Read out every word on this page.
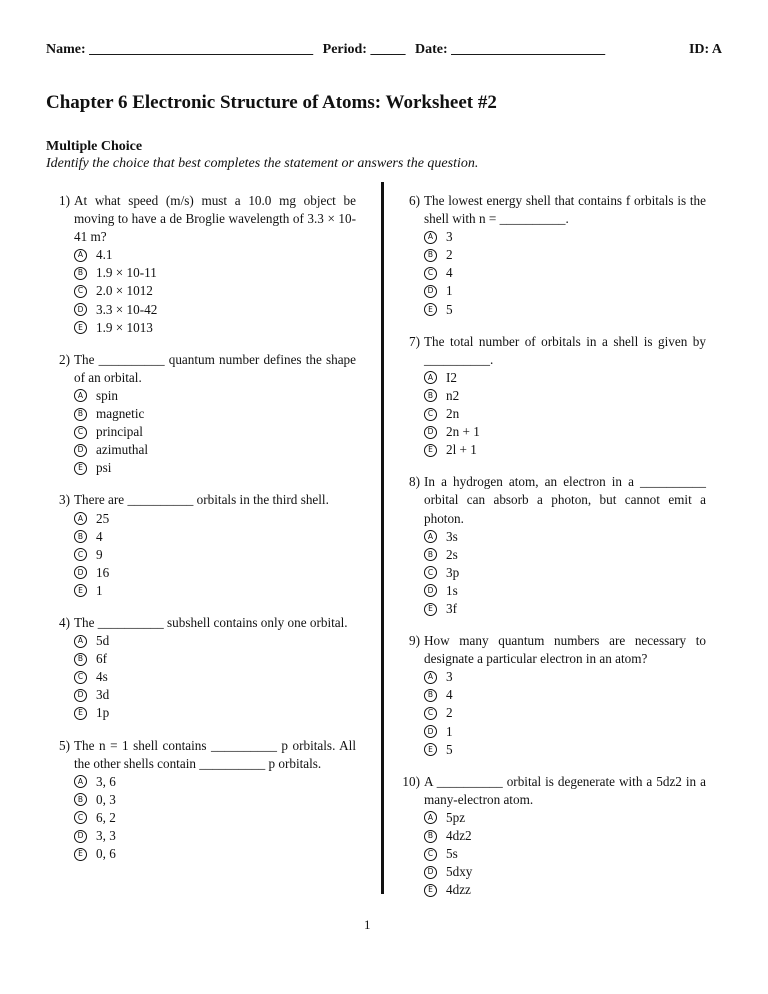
Name: ________________________________ Period: _____ Date: ______________________	ID: A
Chapter 6 Electronic Structure of Atoms: Worksheet #2
Multiple Choice
Identify the choice that best completes the statement or answers the question.
1) At what speed (m/s) must a 10.0 mg object be moving to have a de Broglie wavelength of 3.3 × 10-41 m?
A 4.1
B 1.9 × 10-11
C 2.0 × 1012
D 3.3 × 10-42
E 1.9 × 1013
2) The __________ quantum number defines the shape of an orbital.
A spin
B magnetic
C principal
D azimuthal
E psi
3) There are __________ orbitals in the third shell.
A 25
B 4
C 9
D 16
E 1
4) The __________ subshell contains only one orbital.
A 5d
B 6f
C 4s
D 3d
E 1p
5) The n = 1 shell contains __________ p orbitals. All the other shells contain __________ p orbitals.
A 3, 6
B 0, 3
C 6, 2
D 3, 3
E 0, 6
6) The lowest energy shell that contains f orbitals is the shell with n = __________.
A 3
B 2
C 4
D 1
E 5
7) The total number of orbitals in a shell is given by __________.
A I2
B n2
C 2n
D 2n + 1
E 2l + 1
8) In a hydrogen atom, an electron in a __________ orbital can absorb a photon, but cannot emit a photon.
A 3s
B 2s
C 3p
D 1s
E 3f
9) How many quantum numbers are necessary to designate a particular electron in an atom?
A 3
B 4
C 2
D 1
E 5
10) A __________ orbital is degenerate with a 5dz2 in a many-electron atom.
A 5pz
B 4dz2
C 5s
D 5dxy
E 4dzz
1
